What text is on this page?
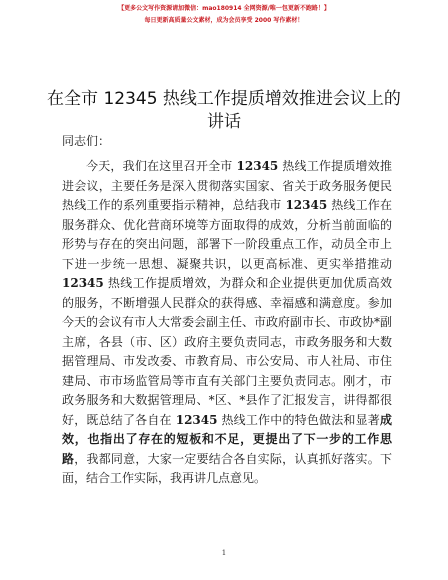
【更多公文写作资源请加微信：mao180914 全网资源/唯一包更新不跑路！】
每日更新高质量公文素材，成为会员享受 2000 写作素材！
在全市 12345 热线工作提质增效推进会议上的讲话
同志们：

今天，我们在这里召开全市 12345 热线工作提质增效推进会议，主要任务是深入贯彻落实国家、省关于政务服务便民热线工作的系列重要指示精神，总结我市 12345 热线工作在服务群众、优化营商环境等方面取得的成效，分析当前面临的形势与存在的突出问题，部署下一阶段重点工作，动员全市上下进一步统一思想、凝聚共识，以更高标准、更实举措推动 12345 热线工作提质增效，为群众和企业提供更加优质高效的服务，不断增强人民群众的获得感、幸福感和满意度。参加今天的会议有市人大常委会副主任、市政府副市长、市政协*副主席，各县（市、区）政府主要负责同志，市政务服务和大数据管理局、市发改委、市教育局、市公安局、市人社局、市住建局、市市场监管局等市直有关部门主要负责同志。刚才，市政务服务和大数据管理局、*区、*县作了汇报发言，讲得都很好，既总结了各自在 12345 热线工作中的特色做法和显著成效，也指出了存在的短板和不足，更提出了下一步的工作思路，我都同意，大家一定要结合各自实际，认真抓好落实。下面，结合工作实际，我再讲几点意见。

1
